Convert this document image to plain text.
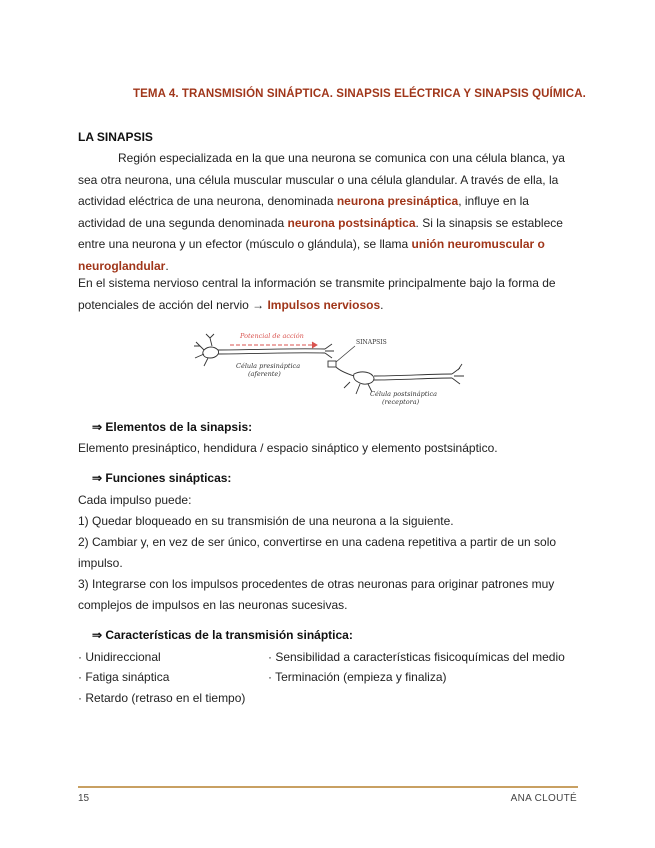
TEMA 4. TRANSMISIÓN SINÁPTICA. SINAPSIS ELÉCTRICA Y SINAPSIS QUÍMICA.
LA SINAPSIS
Región especializada en la que una neurona se comunica con una célula blanca, ya sea otra neurona, una célula muscular muscular o una célula glandular. A través de ella, la actividad eléctrica de una neurona, denominada neurona presináptica, influye en la actividad de una segunda denominada neurona postsináptica. Si la sinapsis se establece entre una neurona y un efector (músculo o glándula), se llama unión neuromuscular o neuroglandular.
En el sistema nervioso central la información se transmite principalmente bajo la forma de potenciales de acción del nervio → Impulsos nerviosos.
Potencial de acción
SINAPSIS
Célula presináptica
(aferente)
Célula postsináptica
(receptora)
⇒ Elementos de la sinapsis:
Elemento presináptico, hendidura / espacio sináptico y elemento postsináptico.
⇒ Funciones sinápticas:
Cada impulso puede:
1) Quedar bloqueado en su transmisión de una neurona a la siguiente.
2) Cambiar y, en vez de ser único, convertirse en una cadena repetitiva a partir de un solo
impulso.
3) Integrarse con los impulsos procedentes de otras neuronas para originar patrones muy
complejos de impulsos en las neuronas sucesivas.
⇒ Características de la transmisión sináptica:
· Unidireccional
· Fatiga sináptica
· Retardo (retraso en el tiempo)
· Sensibilidad a características fisicoquímicas del medio
· Terminación (empieza y finaliza)
15	ANA CLOUTÉ
